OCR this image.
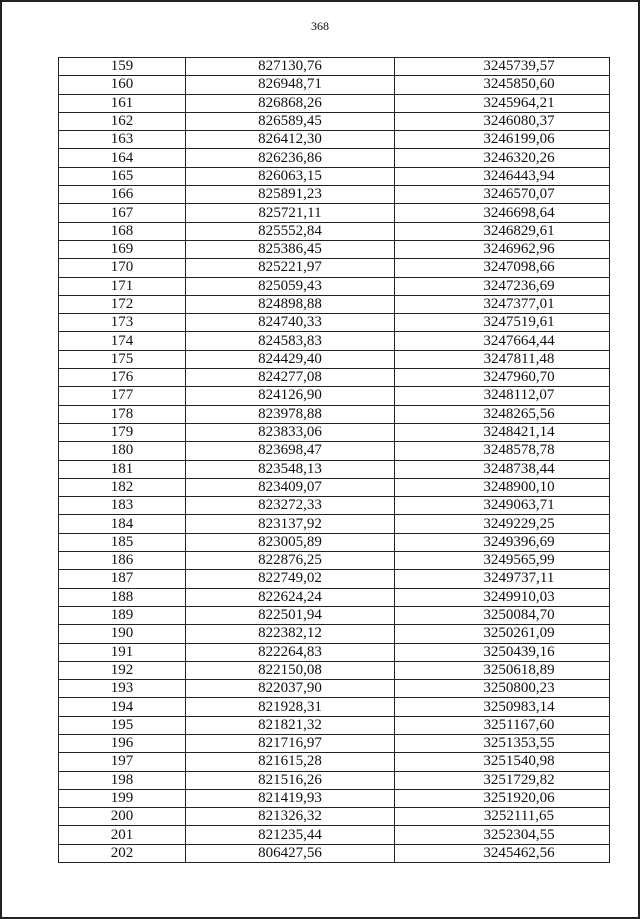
368
159	827130,76	3245739,57
160	826948,71	3245850,60
161	826868,26	3245964,21
162	826589,45	3246080,37
163	826412,30	3246199,06
164	826236,86	3246320,26
165	826063,15	3246443,94
166	825891,23	3246570,07
167	825721,11	3246698,64
168	825552,84	3246829,61
169	825386,45	3246962,96
170	825221,97	3247098,66
171	825059,43	3247236,69
172	824898,88	3247377,01
173	824740,33	3247519,61
174	824583,83	3247664,44
175	824429,40	3247811,48
176	824277,08	3247960,70
177	824126,90	3248112,07
178	823978,88	3248265,56
179	823833,06	3248421,14
180	823698,47	3248578,78
181	823548,13	3248738,44
182	823409,07	3248900,10
183	823272,33	3249063,71
184	823137,92	3249229,25
185	823005,89	3249396,69
186	822876,25	3249565,99
187	822749,02	3249737,11
188	822624,24	3249910,03
189	822501,94	3250084,70
190	822382,12	3250261,09
191	822264,83	3250439,16
192	822150,08	3250618,89
193	822037,90	3250800,23
194	821928,31	3250983,14
195	821821,32	3251167,60
196	821716,97	3251353,55
197	821615,28	3251540,98
198	821516,26	3251729,82
199	821419,93	3251920,06
200	821326,32	3252111,65
201	821235,44	3252304,55
202	806427,56	3245462,56
